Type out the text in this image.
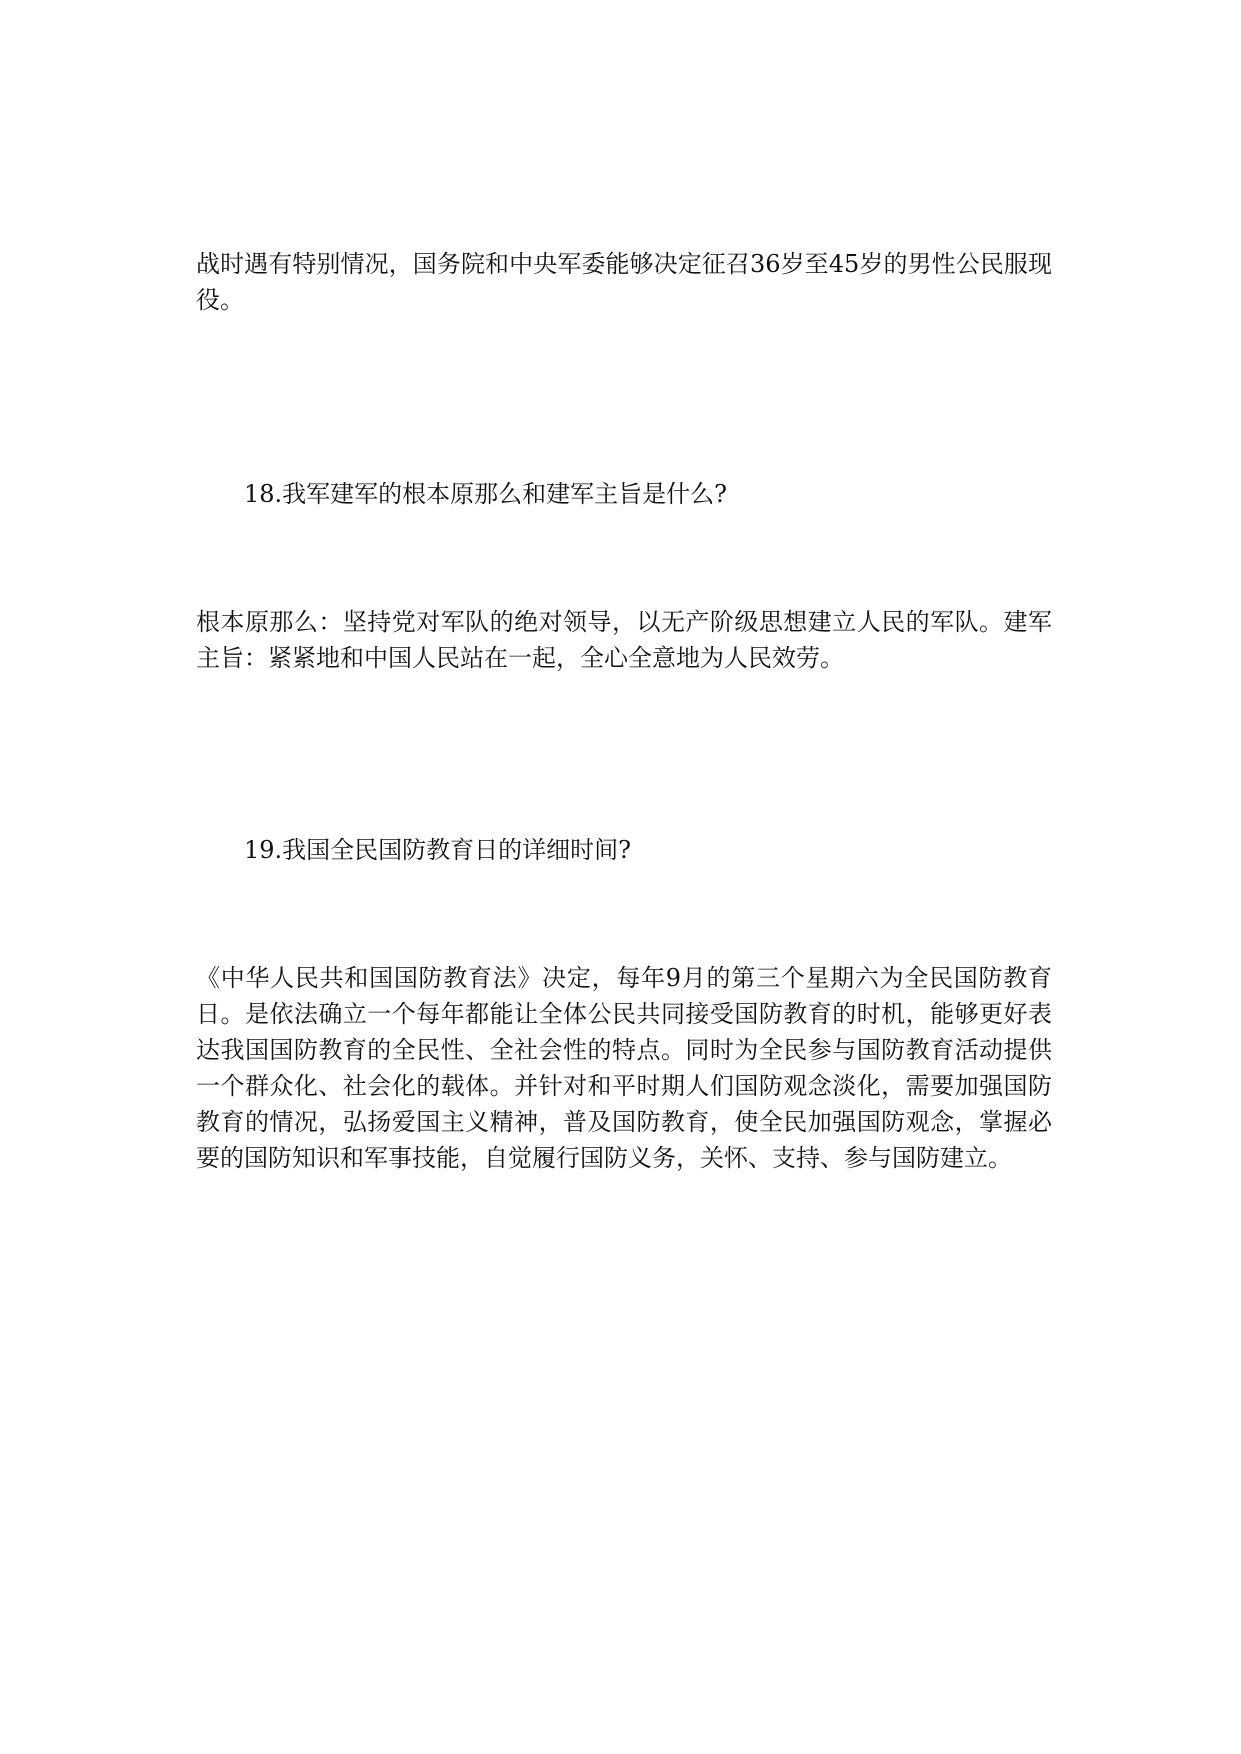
战时遇有特别情况，国务院和中央军委能够决定征召36岁至45岁的男性公民服现役。

18.我军建军的根本原那么和建军主旨是什么?

根本原那么：坚持党对军队的绝对领导，以无产阶级思想建立人民的军队。建军主旨：紧紧地和中国人民站在一起，全心全意地为人民效劳。

19.我国全民国防教育日的详细时间?

《中华人民共和国国防教育法》决定，每年9月的第三个星期六为全民国防教育日。是依法确立一个每年都能让全体公民共同接受国防教育的时机，能够更好表达我国国防教育的全民性、全社会性的特点。同时为全民参与国防教育活动提供一个群众化、社会化的载体。并针对和平时期人们国防观念淡化，需要加强国防教育的情况，弘扬爱国主义精神，普及国防教育，使全民加强国防观念，掌握必要的国防知识和军事技能，自觉履行国防义务，关怀、支持、参与国防建立。
